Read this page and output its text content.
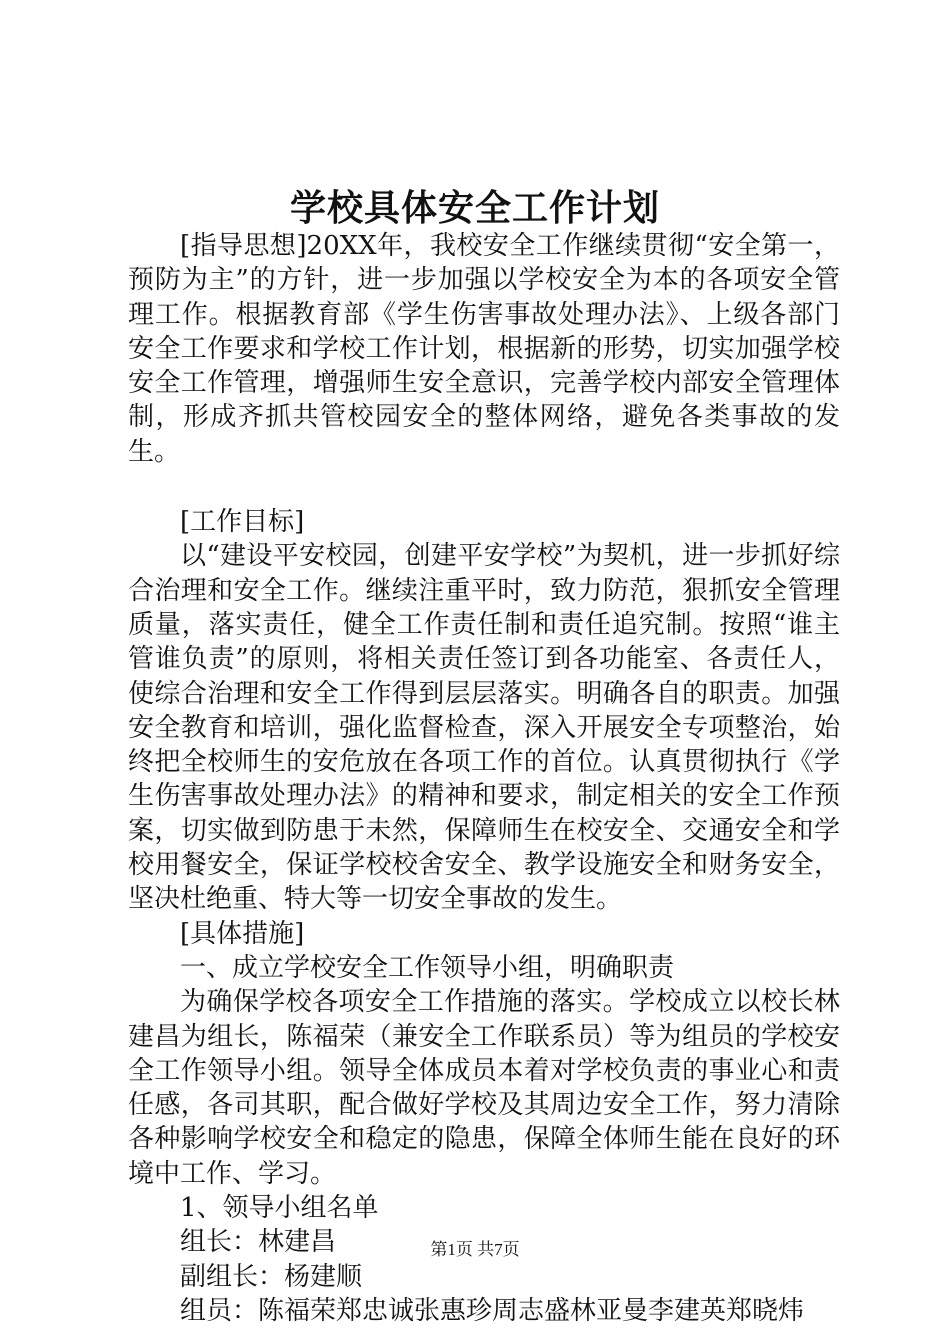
学校具体安全工作计划

[指导思想]20XX年，我校安全工作继续贯彻“安全第一，预防为主”的方针，进一步加强以学校安全为本的各项安全管理工作。根据教育部《学生伤害事故处理办法》、上级各部门安全工作要求和学校工作计划，根据新的形势，切实加强学校安全工作管理，增强师生安全意识，完善学校内部安全管理体制，形成齐抓共管校园安全的整体网络，避免各类事故的发生。

[工作目标]

以“建设平安校园，创建平安学校”为契机，进一步抓好综合治理和安全工作。继续注重平时，致力防范，狠抓安全管理质量，落实责任，健全工作责任制和责任追究制。按照“谁主管谁负责”的原则，将相关责任签订到各功能室、各责任人，使综合治理和安全工作得到层层落实。明确各自的职责。加强安全教育和培训，强化监督检查，深入开展安全专项整治，始终把全校师生的安危放在各项工作的首位。认真贯彻执行《学生伤害事故处理办法》的精神和要求，制定相关的安全工作预案，切实做到防患于未然，保障师生在校安全、交通安全和学校用餐安全，保证学校校舍安全、教学设施安全和财务安全，坚决杜绝重、特大等一切安全事故的发生。

[具体措施]

一、成立学校安全工作领导小组，明确职责

为确保学校各项安全工作措施的落实。学校成立以校长林建昌为组长，陈福荣（兼安全工作联系员）等为组员的学校安全工作领导小组。领导全体成员本着对学校负责的事业心和责任感，各司其职，配合做好学校及其周边安全工作，努力清除各种影响学校安全和稳定的隐患，保障全体师生能在良好的环境中工作、学习。

1、领导小组名单

组长：林建昌

副组长：杨建顺

组员：陈福荣郑忠诚张惠珍周志盛林亚曼李建英郑晓炜

第1页 共7页
